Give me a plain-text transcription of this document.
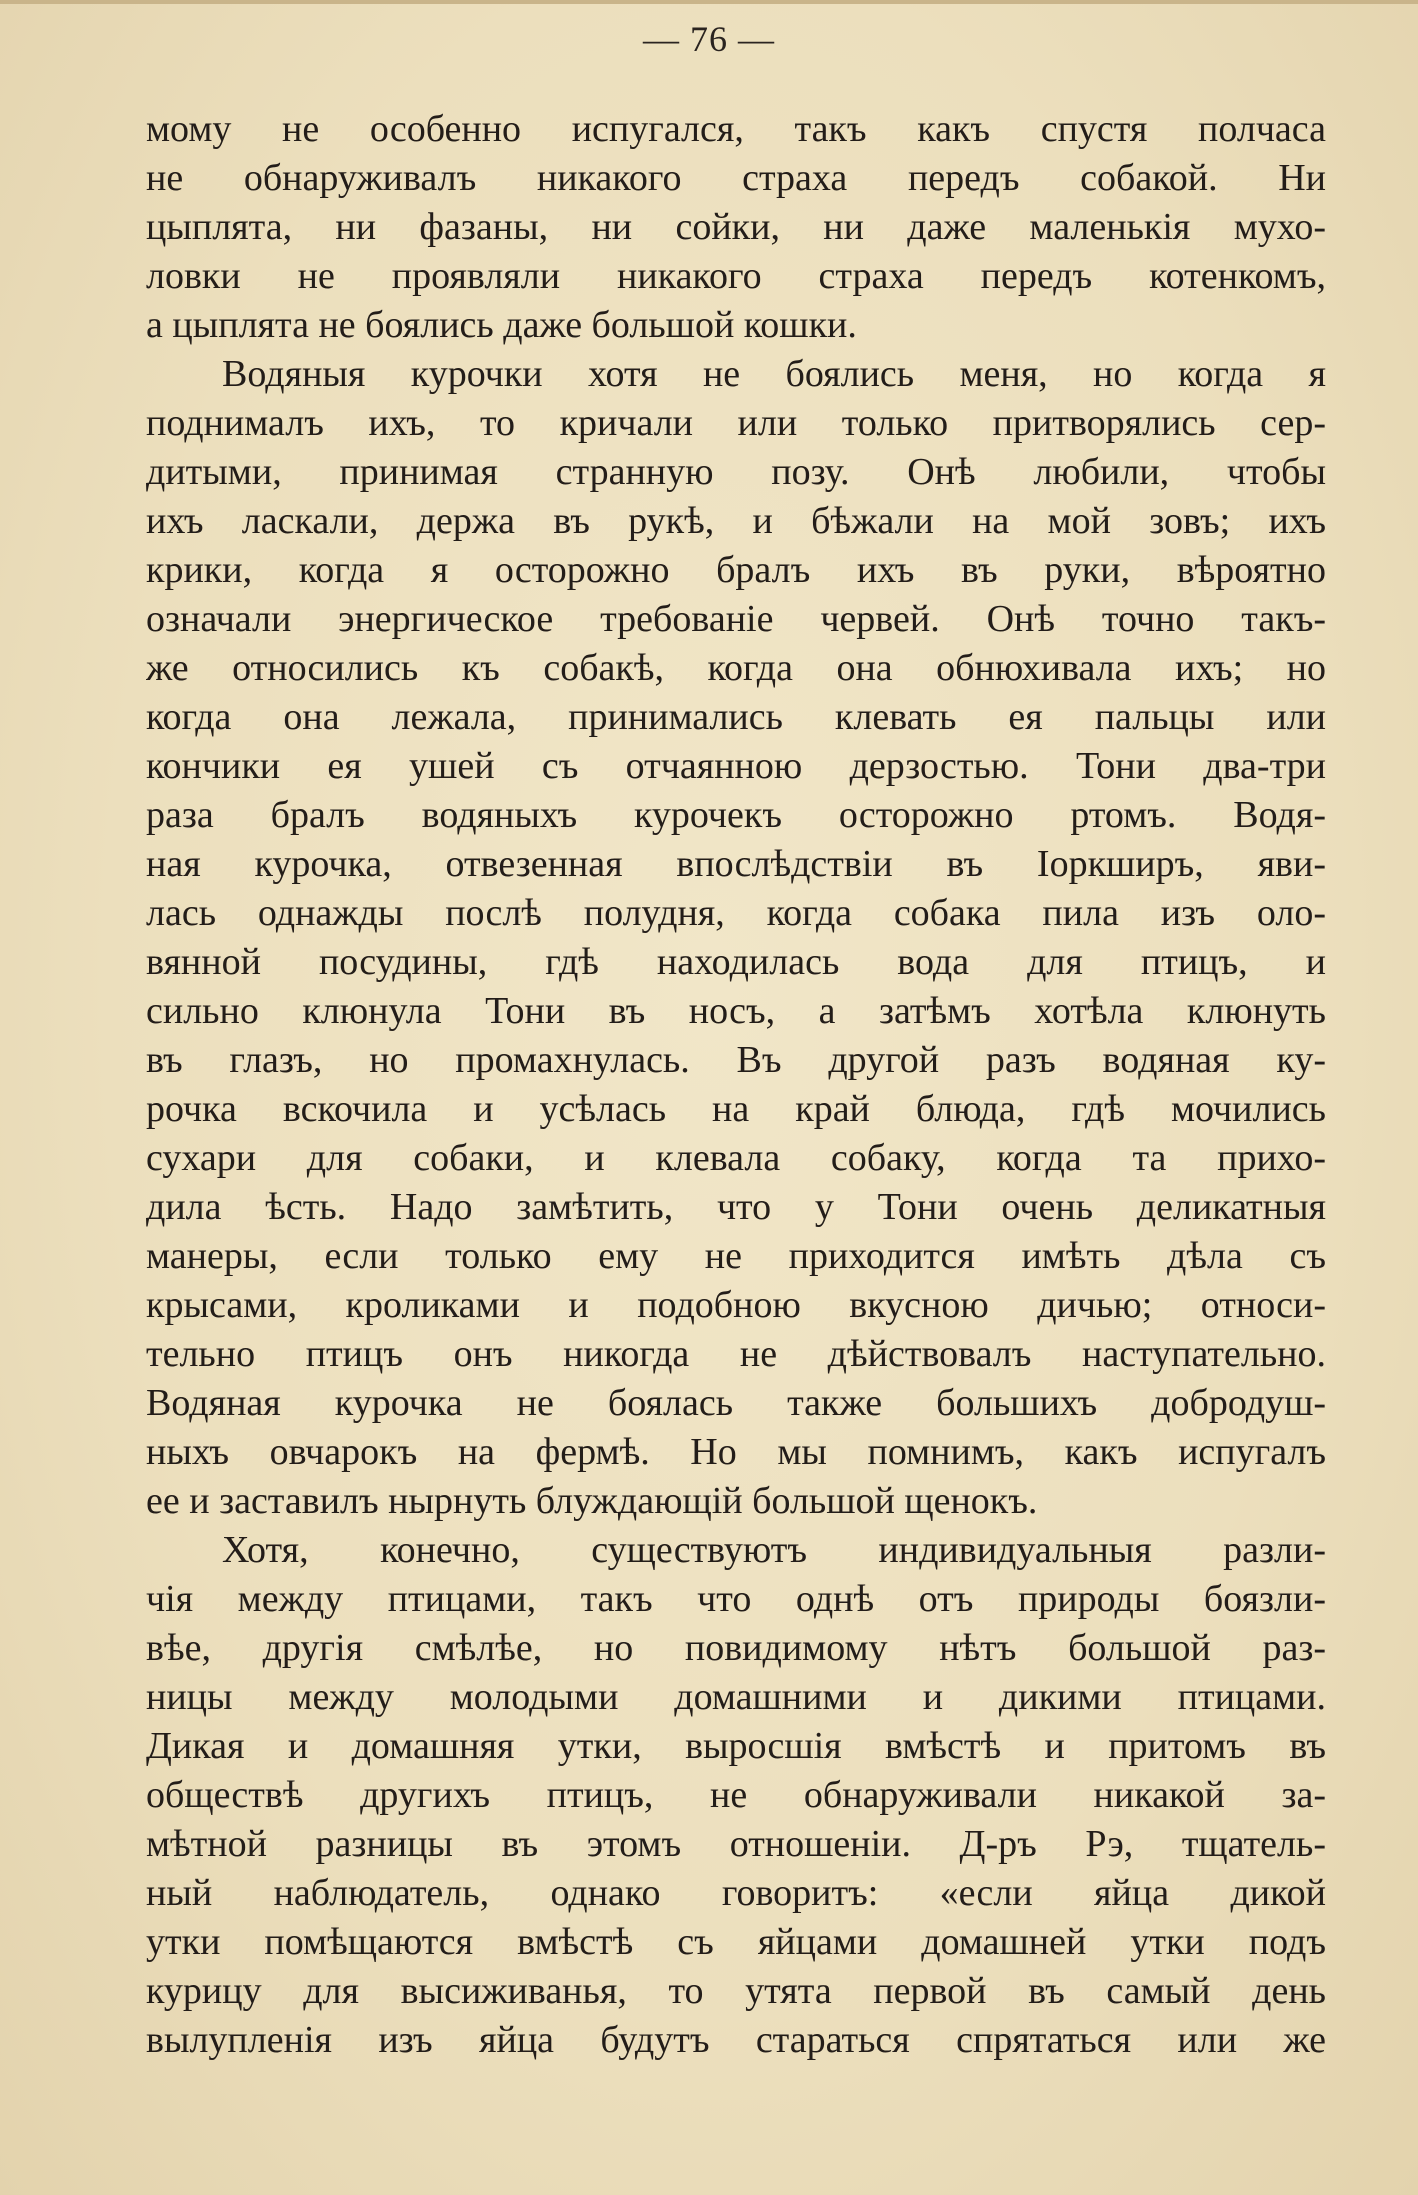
— 76 —
мому не особенно испугался, такъ какъ спустя полчаса
не обнаруживалъ никакого страха передъ собакой. Ни
цыплята, ни фазаны, ни сойки, ни даже маленькія мухо-
ловки не проявляли никакого страха передъ котенкомъ,
а цыплята не боялись даже большой кошки.
Водяныя курочки хотя не боялись меня, но когда я
поднималъ ихъ, то кричали или только притворялись сер-
дитыми, принимая странную позу. Онѣ любили, чтобы
ихъ ласкали, держа въ рукѣ, и бѣжали на мой зовъ; ихъ
крики, когда я осторожно бралъ ихъ въ руки, вѣроятно
означали энергическое требованіе червей. Онѣ точно такъ-
же относились къ собакѣ, когда она обнюхивала ихъ; но
когда она лежала, принимались клевать ея пальцы или
кончики ея ушей съ отчаянною дерзостью. Тони два-три
раза бралъ водяныхъ курочекъ осторожно ртомъ. Водя-
ная курочка, отвезенная впослѣдствіи въ Іоркширъ, яви-
лась однажды послѣ полудня, когда собака пила изъ оло-
вянной посудины, гдѣ находилась вода для птицъ, и
сильно клюнула Тони въ носъ, а затѣмъ хотѣла клюнуть
въ глазъ, но промахнулась. Въ другой разъ водяная ку-
рочка вскочила и усѣлась на край блюда, гдѣ мочились
сухари для собаки, и клевала собаку, когда та прихо-
дила ѣсть. Надо замѣтить, что у Тони очень деликатныя
манеры, если только ему не приходится имѣть дѣла съ
крысами, кроликами и подобною вкусною дичью; относи-
тельно птицъ онъ никогда не дѣйствовалъ наступательно.
Водяная курочка не боялась также большихъ добродуш-
ныхъ овчарокъ на фермѣ. Но мы помнимъ, какъ испугалъ
ее и заставилъ нырнуть блуждающій большой щенокъ.
Хотя, конечно, существуютъ индивидуальныя разли-
чія между птицами, такъ что однѣ отъ природы боязли-
вѣе, другія смѣлѣе, но повидимому нѣтъ большой раз-
ницы между молодыми домашними и дикими птицами.
Дикая и домашняя утки, выросшія вмѣстѣ и притомъ въ
обществѣ другихъ птицъ, не обнаруживали никакой за-
мѣтной разницы въ этомъ отношеніи. Д-ръ Рэ, тщатель-
ный наблюдатель, однако говоритъ: «если яйца дикой
утки помѣщаются вмѣстѣ съ яйцами домашней утки подъ
курицу для высиживанья, то утята первой въ самый день
вылупленія изъ яйца будутъ стараться спрятаться или же
